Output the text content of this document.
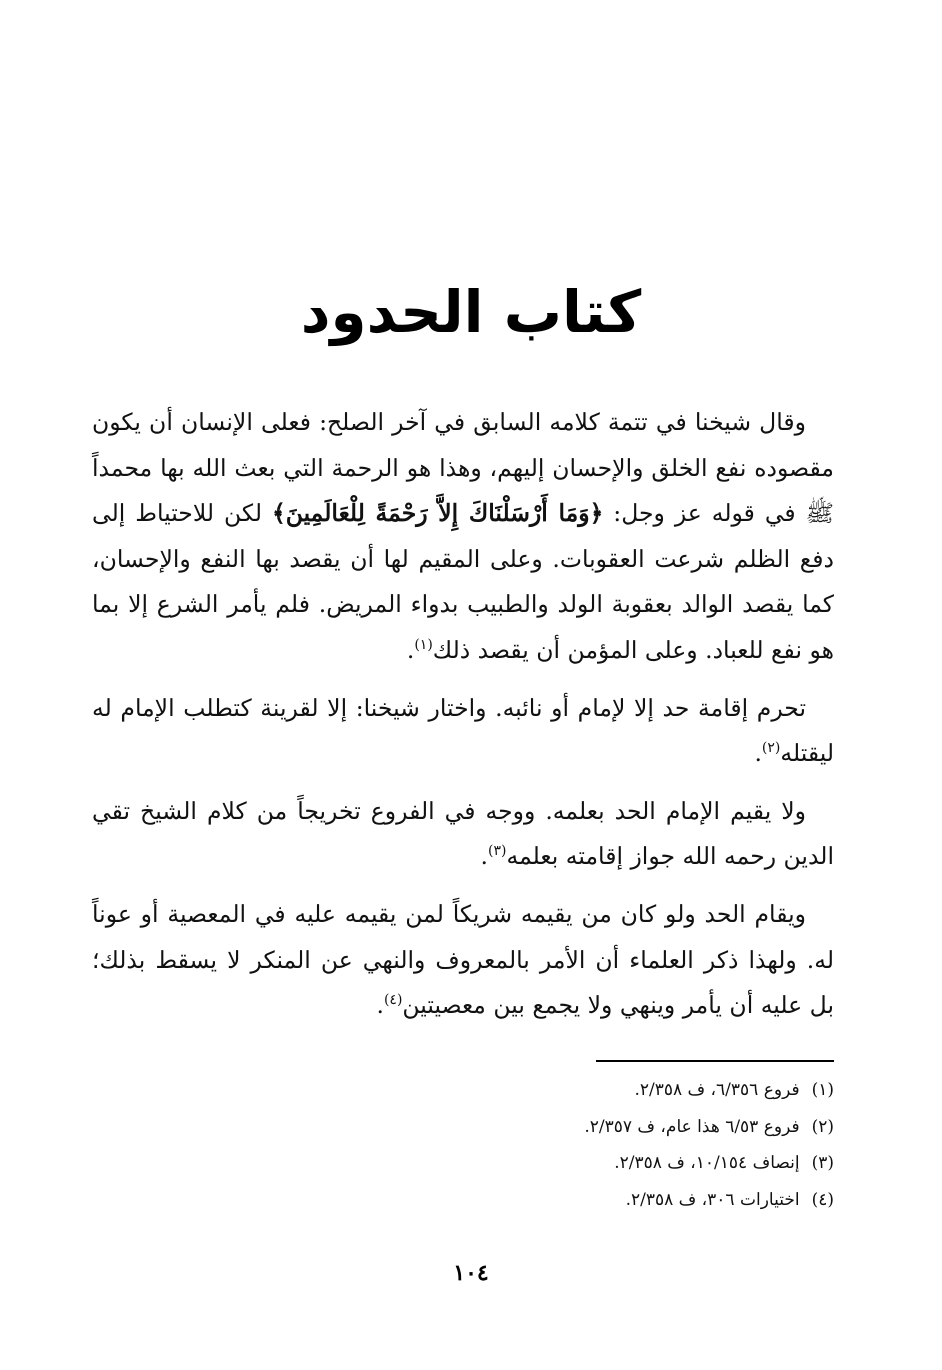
كتاب الحدود

وقال شيخنا في تتمة كلامه السابق في آخر الصلح: فعلى الإنسان أن يكون مقصوده نفع الخلق والإحسان إليهم، وهذا هو الرحمة التي بعث الله بها محمداً ﷺ في قوله عز وجل: ﴿وَمَا أَرْسَلْنَاكَ إِلاَّ رَحْمَةً لِلْعَالَمِينَ﴾ لكن للاحتياط إلى دفع الظلم شرعت العقوبات. وعلى المقيم لها أن يقصد بها النفع والإحسان، كما يقصد الوالد بعقوبة الولد والطبيب بدواء المريض. فلم يأمر الشرع إلا بما هو نفع للعباد. وعلى المؤمن أن يقصد ذلك$^{(١)}$.

تحرم إقامة حد إلا لإمام أو نائبه. واختار شيخنا: إلا لقرينة كتطلب الإمام له ليقتله$^{(٢)}$.

ولا يقيم الإمام الحد بعلمه. ووجه في الفروع تخريجاً من كلام الشيخ تقي الدين رحمه الله جواز إقامته بعلمه$^{(٣)}$.

ويقام الحد ولو كان من يقيمه شريكاً لمن يقيمه عليه في المعصية أو عوناً له. ولهذا ذكر العلماء أن الأمر بالمعروف والنهي عن المنكر لا يسقط بذلك؛ بل عليه أن يأمر وينهي ولا يجمع بين معصيتين$^{(٤)}$.

(١)
فروع ٦/٣٥٦، ف ٢/٣٥٨.
(٢)
فروع ٦/٥٣ هذا عام، ف ٢/٣٥٧.
(٣)
إنصاف ١٠/١٥٤، ف ٢/٣٥٨.
(٤)
اختيارات ٣٠٦، ف ٢/٣٥٨.
١٠٤
